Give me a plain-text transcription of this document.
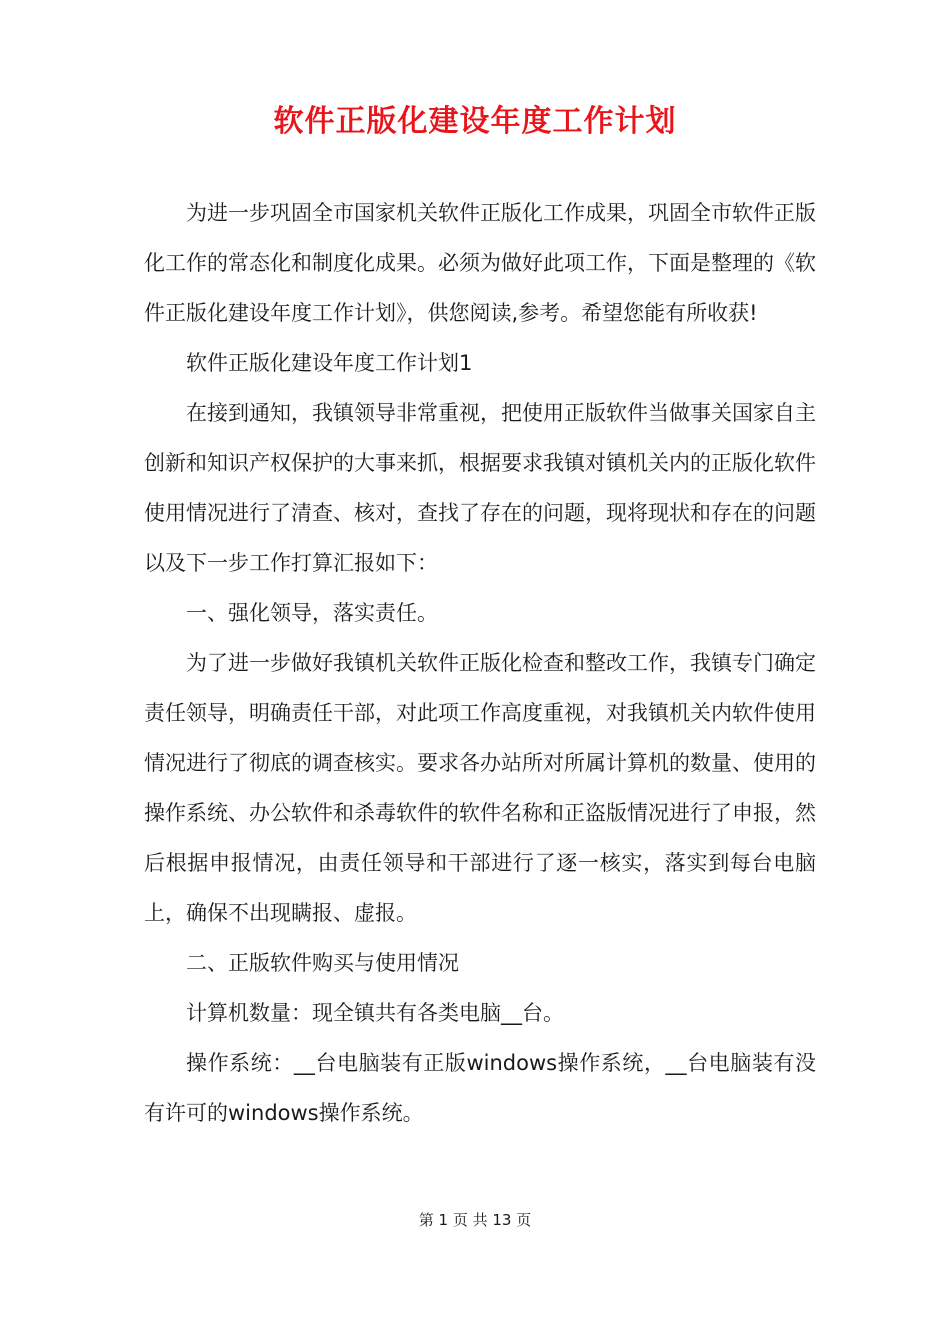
软件正版化建设年度工作计划

为进一步巩固全市国家机关软件正版化工作成果，巩固全市软件正版化工作的常态化和制度化成果。必须为做好此项工作，下面是整理的《软件正版化建设年度工作计划》，供您阅读,参考。希望您能有所收获!

软件正版化建设年度工作计划1

在接到通知，我镇领导非常重视，把使用正版软件当做事关国家自主创新和知识产权保护的大事来抓，根据要求我镇对镇机关内的正版化软件使用情况进行了清查、核对，查找了存在的问题，现将现状和存在的问题以及下一步工作打算汇报如下：

一、强化领导，落实责任。

为了进一步做好我镇机关软件正版化检查和整改工作，我镇专门确定责任领导，明确责任干部，对此项工作高度重视，对我镇机关内软件使用情况进行了彻底的调查核实。要求各办站所对所属计算机的数量、使用的操作系统、办公软件和杀毒软件的软件名称和正盗版情况进行了申报，然后根据申报情况，由责任领导和干部进行了逐一核实，落实到每台电脑上，确保不出现瞒报、虚报。

二、正版软件购买与使用情况

计算机数量：现全镇共有各类电脑__台。

操作系统：__台电脑装有正版windows操作系统，__台电脑装有没有许可的windows操作系统。

第 1 页 共 13 页
